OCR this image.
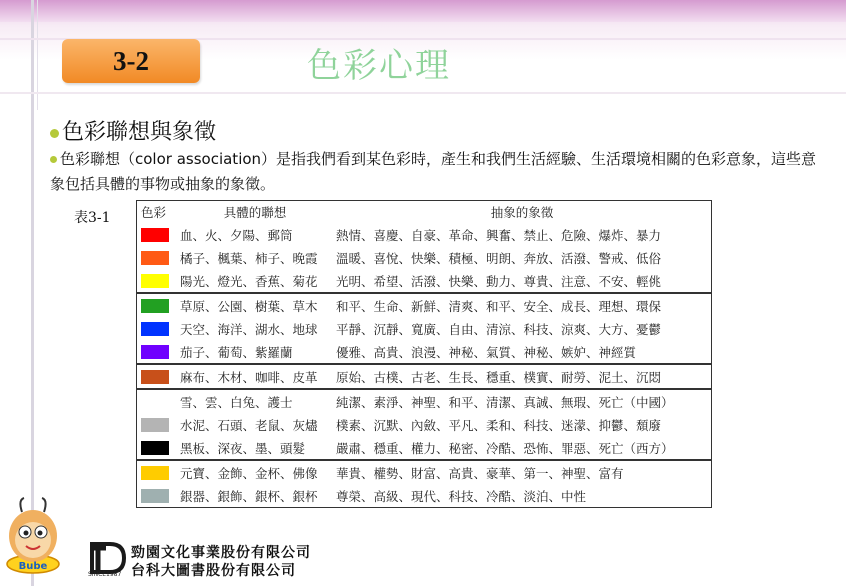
3-2	色彩心理
色彩聯想與象徵
色彩聯想（color association）是指我們看到某色彩時，產生和我們生活經驗、生活環境相關的色彩意象，這些意象包括具體的事物或抽象的象徵。
表3-1 色彩	具體的聯想	抽象的象徵

	血、火、夕陽、郵筒	熱情、喜慶、自豪、革命、興奮、禁止、危險、爆炸、暴力

	橘子、楓葉、柿子、晚霞	溫暖、喜悅、快樂、積極、明朗、奔放、活潑、警戒、低俗

	陽光、燈光、香蕉、菊花	光明、希望、活潑、快樂、動力、尊貴、注意、不安、輕佻

	草原、公園、樹葉、草木	和平、生命、新鮮、清爽、和平、安全、成長、理想、環保

	天空、海洋、湖水、地球	平靜、沉靜、寬廣、自由、清涼、科技、涼爽、大方、憂鬱

	茄子、葡萄、紫羅蘭	優雅、高貴、浪漫、神秘、氣質、神秘、嫉妒、神經質

	麻布、木材、咖啡、皮革	原始、古樸、古老、生長、穩重、樸實、耐勞、泥土、沉悶

	雪、雲、白兔、護士	純潔、素淨、神聖、和平、清潔、真誠、無瑕、死亡（中國）

	水泥、石頭、老鼠、灰燼	樸素、沉默、內斂、平凡、柔和、科技、迷濛、抑鬱、頹廢

	黑板、深夜、墨、頭髮	嚴肅、穩重、權力、秘密、冷酷、恐怖、罪惡、死亡（西方）

	元寶、金飾、金杯、佛像	華貴、權勢、財富、高貴、豪華、第一、神聖、富有

	銀器、銀飾、銀杯、銀杯	尊榮、高級、現代、科技、冷酷、淡泊、中性
Bube
SINCE1987
勁園文化事業股份有限公司
台科大圖書股份有限公司
